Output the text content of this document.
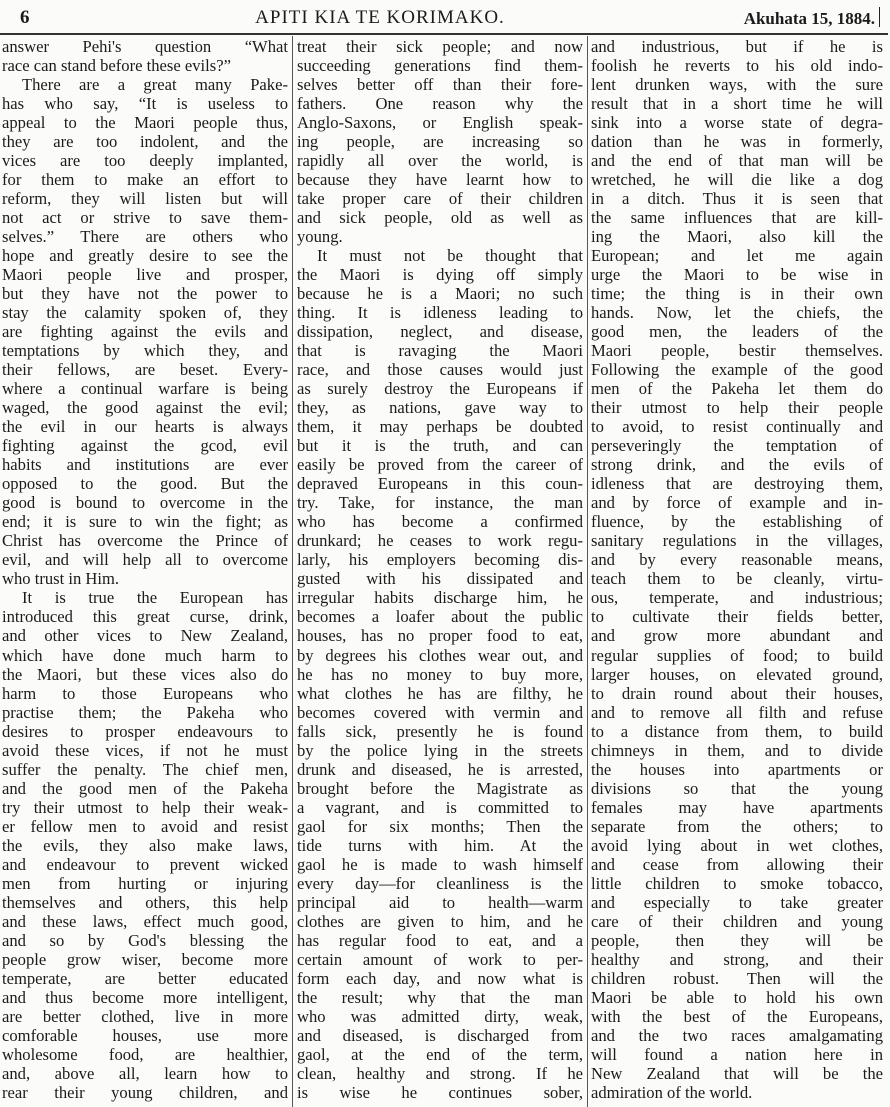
6	APITI KIA TE KORIMAKO.	Akuhata 15, 1884.
answer Pehi's question “What
race can stand before these evils?”
There are a great many Pake-
has who say, “It is useless to
appeal to the Maori people thus,
they are too indolent, and the
vices are too deeply implanted,
for them to make an effort to
reform, they will listen but will
not act or strive to save them-
selves.” There are others who
hope and greatly desire to see the
Maori people live and prosper,
but they have not the power to
stay the calamity spoken of, they
are fighting against the evils and
temptations by which they, and
their fellows, are beset. Every-
where a continual warfare is being
waged, the good against the evil;
the evil in our hearts is always
fighting against the gcod, evil
habits and institutions are ever
opposed to the good. But the
good is bound to overcome in the
end; it is sure to win the fight; as
Christ has overcome the Prince of
evil, and will help all to overcome
who trust in Him.
It is true the European has
introduced this great curse, drink,
and other vices to New Zealand,
which have done much harm to
the Maori, but these vices also do
harm to those Europeans who
practise them; the Pakeha who
desires to prosper endeavours to
avoid these vices, if not he must
suffer the penalty. The chief men,
and the good men of the Pakeha
try their utmost to help their weak-
er fellow men to avoid and resist
the evils, they also make laws,
and endeavour to prevent wicked
men from hurting or injuring
themselves and others, this help
and these laws, effect much good,
and so by God's blessing the
people grow wiser, become more
temperate, are better educated
and thus become more intelligent,
are better clothed, live in more
comforable houses, use more
wholesome food, are healthier,
and, above all, learn how to
rear their young children, and
treat their sick people; and now
succeeding generations find them-
selves better off than their fore-
fathers. One reason why the
Anglo-Saxons, or English speak-
ing people, are increasing so
rapidly all over the world, is
because they have learnt how to
take proper care of their children
and sick people, old as well as
young.
It must not be thought that
the Maori is dying off simply
because he is a Maori; no such
thing. It is idleness leading to
dissipation, neglect, and disease,
that is ravaging the Maori
race, and those causes would just
as surely destroy the Europeans if
they, as nations, gave way to
them, it may perhaps be doubted
but it is the truth, and can
easily be proved from the career of
depraved Europeans in this coun-
try. Take, for instance, the man
who has become a confirmed
drunkard; he ceases to work regu-
larly, his employers becoming dis-
gusted with his dissipated and
irregular habits discharge him, he
becomes a loafer about the public
houses, has no proper food to eat,
by degrees his clothes wear out, and
he has no money to buy more,
what clothes he has are filthy, he
becomes covered with vermin and
falls sick, presently he is found
by the police lying in the streets
drunk and diseased, he is arrested,
brought before the Magistrate as
a vagrant, and is committed to
gaol for six months; Then the
tide turns with him. At the
gaol he is made to wash himself
every day—for cleanliness is the
principal aid to health—warm
clothes are given to him, and he
has regular food to eat, and a
certain amount of work to per-
form each day, and now what is
the result; why that the man
who was admitted dirty, weak,
and diseased, is discharged from
gaol, at the end of the term,
clean, healthy and strong. If he
is wise he continues sober,
and industrious, but if he is
foolish he reverts to his old indo-
lent drunken ways, with the sure
result that in a short time he will
sink into a worse state of degra-
dation than he was in formerly,
and the end of that man will be
wretched, he will die like a dog
in a ditch. Thus it is seen that
the same influences that are kill-
ing the Maori, also kill the
European; and let me again
urge the Maori to be wise in
time; the thing is in their own
hands. Now, let the chiefs, the
good men, the leaders of the
Maori people, bestir themselves.
Following the example of the good
men of the Pakeha let them do
their utmost to help their people
to avoid, to resist continually and
perseveringly the temptation of
strong drink, and the evils of
idleness that are destroying them,
and by force of example and in-
fluence, by the establishing of
sanitary regulations in the villages,
and by every reasonable means,
teach them to be cleanly, virtu-
ous, temperate, and industrious;
to cultivate their fields better,
and grow more abundant and
regular supplies of food; to build
larger houses, on elevated ground,
to drain round about their houses,
and to remove all filth and refuse
to a distance from them, to build
chimneys in them, and to divide
the houses into apartments or
divisions so that the young
females may have apartments
separate from the others; to
avoid lying about in wet clothes,
and cease from allowing their
little children to smoke tobacco,
and especially to take greater
care of their children and young
people, then they will be
healthy and strong, and their
children robust. Then will the
Maori be able to hold his own
with the best of the Europeans,
and the two races amalgamating
will found a nation here in
New Zealand that will be the
admiration of the world.
